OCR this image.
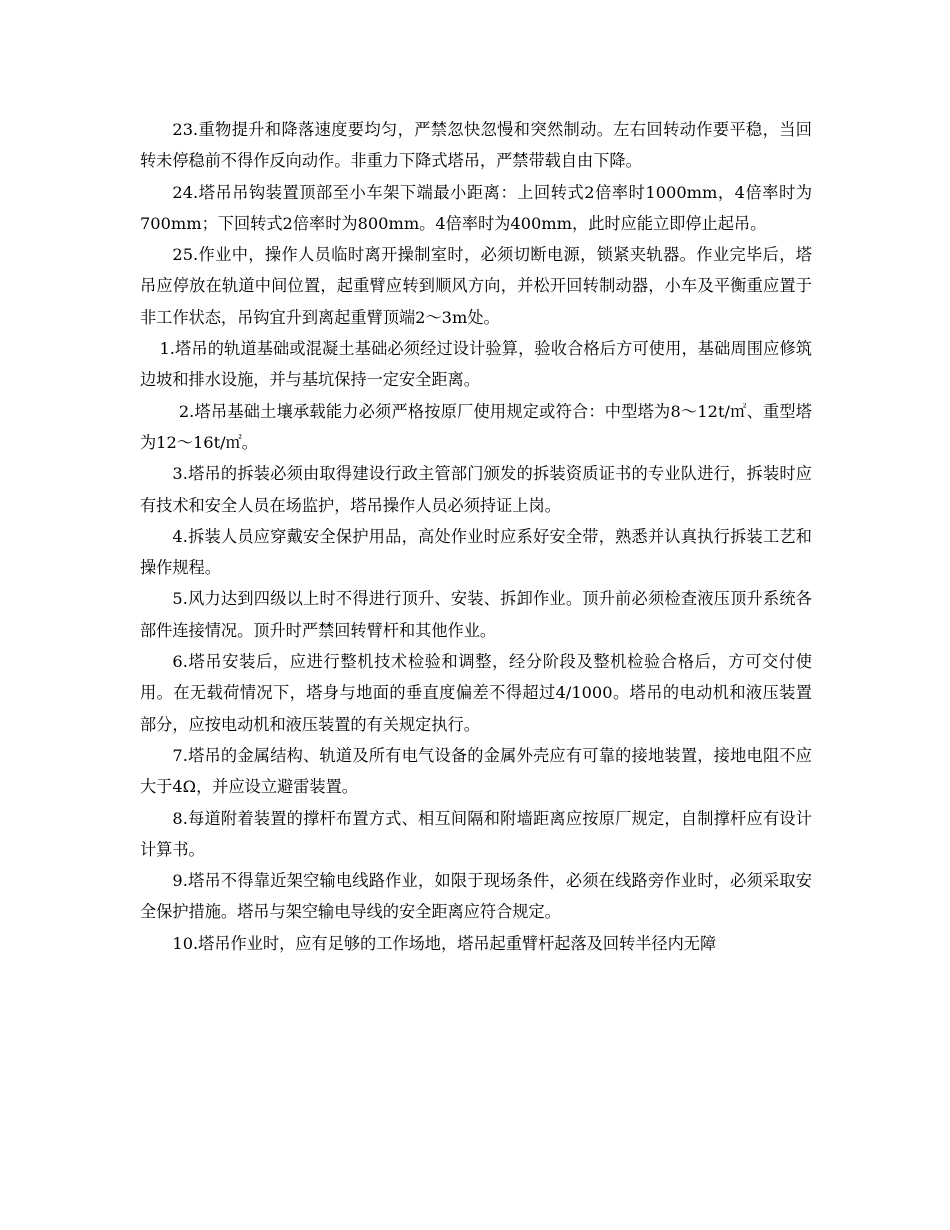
23.重物提升和降落速度要均匀，严禁忽快忽慢和突然制动。左右回转动作要平稳，当回转未停稳前不得作反向动作。非重力下降式塔吊，严禁带载自由下降。

24.塔吊吊钩装置顶部至小车架下端最小距离：上回转式2倍率时1000mm，4倍率时为700mm；下回转式2倍率时为800mm。4倍率时为400mm，此时应能立即停止起吊。

25.作业中，操作人员临时离开操制室时，必须切断电源，锁紧夹轨器。作业完毕后，塔吊应停放在轨道中间位置，起重臂应转到顺风方向，并松开回转制动器，小车及平衡重应置于非工作状态，吊钩宜升到离起重臂顶端2～3m处。

1.塔吊的轨道基础或混凝土基础必须经过设计验算，验收合格后方可使用，基础周围应修筑边坡和排水设施，并与基坑保持一定安全距离。

2.塔吊基础土壤承载能力必须严格按原厂使用规定或符合：中型塔为8～12t/㎡、重型塔为12～16t/㎡。

3.塔吊的拆装必须由取得建设行政主管部门颁发的拆装资质证书的专业队进行，拆装时应有技术和安全人员在场监护，塔吊操作人员必须持证上岗。

4.拆装人员应穿戴安全保护用品，高处作业时应系好安全带，熟悉并认真执行拆装工艺和操作规程。

5.风力达到四级以上时不得进行顶升、安装、拆卸作业。顶升前必须检查液压顶升系统各部件连接情况。顶升时严禁回转臂杆和其他作业。

6.塔吊安装后，应进行整机技术检验和调整，经分阶段及整机检验合格后，方可交付使用。在无载荷情况下，塔身与地面的垂直度偏差不得超过4/1000。塔吊的电动机和液压装置部分，应按电动机和液压装置的有关规定执行。

7.塔吊的金属结构、轨道及所有电气设备的金属外壳应有可靠的接地装置，接地电阻不应大于4Ω，并应设立避雷装置。

8.每道附着装置的撑杆布置方式、相互间隔和附墙距离应按原厂规定，自制撑杆应有设计计算书。

9.塔吊不得靠近架空输电线路作业，如限于现场条件，必须在线路旁作业时，必须采取安全保护措施。塔吊与架空输电导线的安全距离应符合规定。

10.塔吊作业时，应有足够的工作场地，塔吊起重臂杆起落及回转半径内无障
